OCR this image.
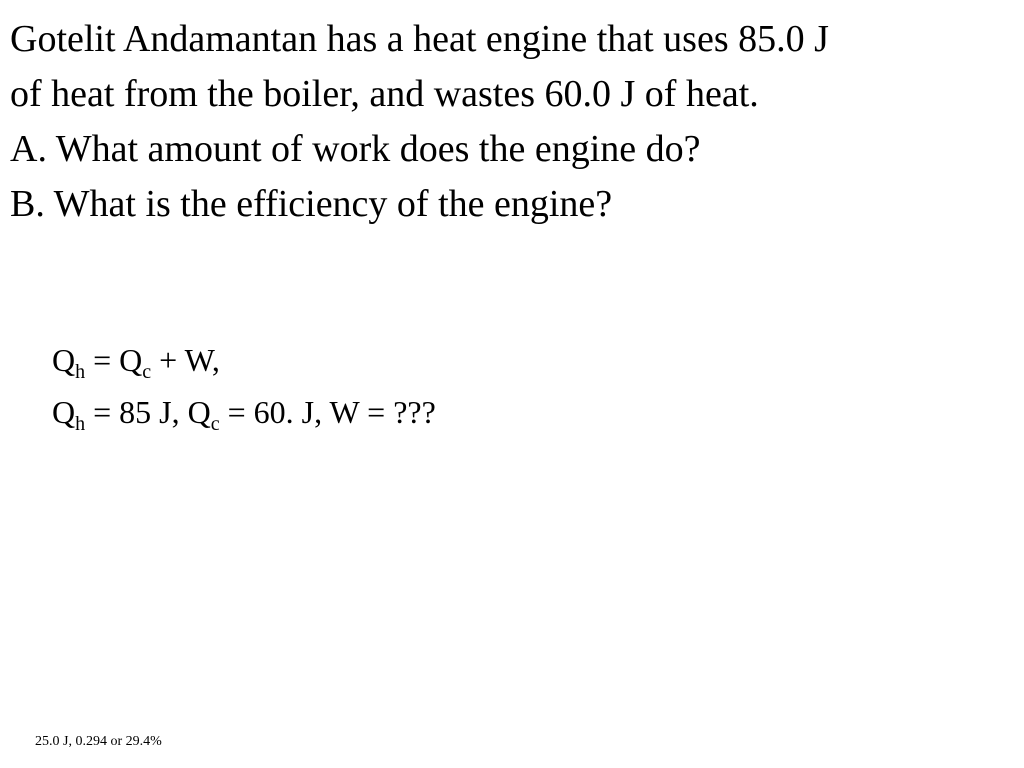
Gotelit Andamantan has a heat engine that uses 85.0 J
of heat from the boiler, and wastes 60.0 J of heat.
A. What amount of work does the engine do?
B. What is the efficiency of the engine?
$Q_h = Q_c + W$,
$Q_h = 85$ J, $Q_c = 60$. J, W = ???
25.0 J, 0.294 or 29.4%
